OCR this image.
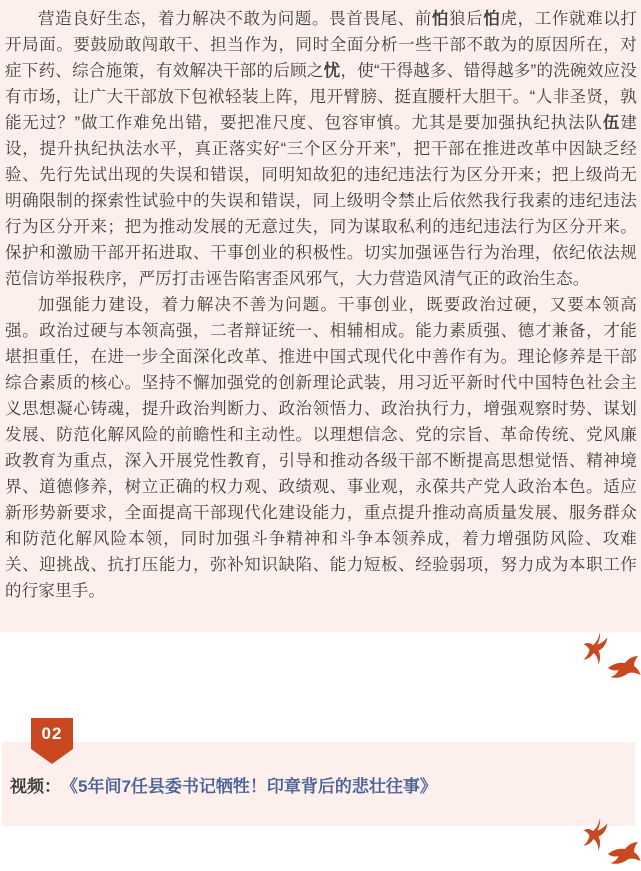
营造良好生态，着力解决不敢为问题。畏首畏尾、前怕狼后怕虎，工作就难以打开局面。要鼓励敢闯敢干、担当作为，同时全面分析一些干部不敢为的原因所在，对症下药、综合施策，有效解决干部的后顾之忧，使“干得越多、错得越多”的洗碗效应没有市场，让广大干部放下包袱轻装上阵，甩开臂膀、挺直腰杆大胆干。“人非圣贤，孰能无过？”做工作难免出错，要把准尺度、包容审慎。尤其是要加强执纪执法队伍建设，提升执纪执法水平，真正落实好“三个区分开来”，把干部在推进改革中因缺乏经验、先行先试出现的失误和错误，同明知故犯的违纪违法行为区分开来；把上级尚无明确限制的探索性试验中的失误和错误，同上级明令禁止后依然我行我素的违纪违法行为区分开来；把为推动发展的无意过失，同为谋取私利的违纪违法行为区分开来。保护和激励干部开拓进取、干事创业的积极性。切实加强诬告行为治理，依纪依法规范信访举报秩序，严厉打击诬告陷害歪风邪气，大力营造风清气正的政治生态。

加强能力建设，着力解决不善为问题。干事创业，既要政治过硬，又要本领高强。政治过硬与本领高强，二者辩证统一、相辅相成。能力素质强、德才兼备，才能堪担重任，在进一步全面深化改革、推进中国式现代化中善作有为。理论修养是干部综合素质的核心。坚持不懈加强党的创新理论武装，用习近平新时代中国特色社会主义思想凝心铸魂，提升政治判断力、政治领悟力、政治执行力，增强观察时势、谋划发展、防范化解风险的前瞻性和主动性。以理想信念、党的宗旨、革命传统、党风廉政教育为重点，深入开展党性教育，引导和推动各级干部不断提高思想觉悟、精神境界、道德修养，树立正确的权力观、政绩观、事业观，永葆共产党人政治本色。适应新形势新要求，全面提高干部现代化建设能力，重点提升推动高质量发展、服务群众和防范化解风险本领，同时加强斗争精神和斗争本领养成，着力增强防风险、攻难关、迎挑战、抗打压能力，弥补知识缺陷、能力短板、经验弱项，努力成为本职工作的行家里手。

02
视频： 《5年间7任县委书记牺牲！印章背后的悲壮往事》
